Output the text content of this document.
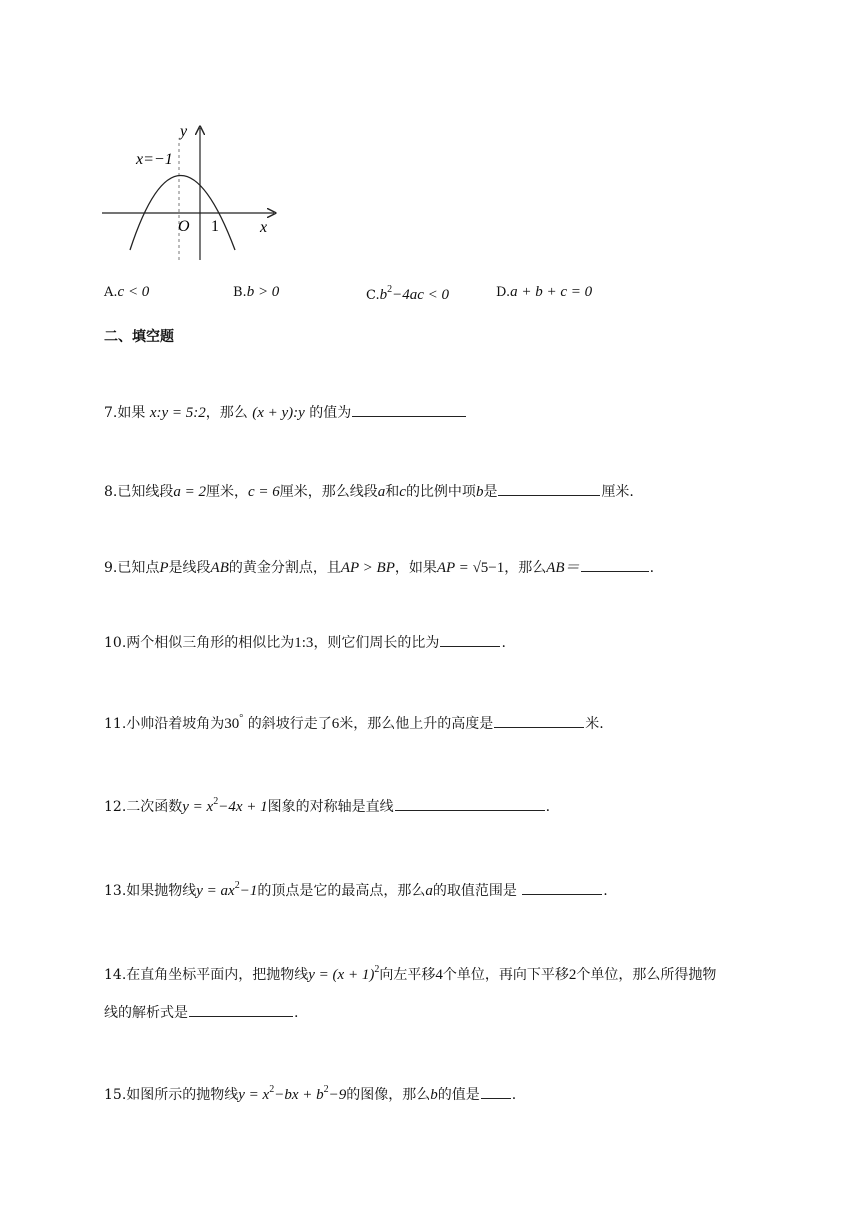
y
x
O 1
x=−1
A.c < 0	B.b > 0	$C.b^2-4ac < 0$	D.a + b + c = 0
二、填空题
7.如果 x:y = 5:2，那么 (x + y):y 的值为
8.已知线段a = 2厘米，c = 6厘米，那么线段a和c的比例中项b是	厘米.
9.已知点P是线段AB的黄金分割点，且AP > BP，如果AP = √5−1，那么AB＝	.
10.两个相似三角形的相似比为1:3，则它们周长的比为	.
11.小帅沿着坡角为30° 的斜坡行走了6米，那么他上升的高度是	米.
12.二次函数$y = x^2-4x + 1$图象的对称轴是直线	.
13.如果抛物线$y = ax^2-1$的顶点是它的最高点，那么a的取值范围是	.
14.在直角坐标平面内，把抛物线$y = (x + 1)^2$向左平移4个单位，再向下平移2个单位，那么所得抛物
线的解析式是	.
15.如图所示的抛物线$y = x^2-bx + b^2-9$的图像，那么b的值是 .
